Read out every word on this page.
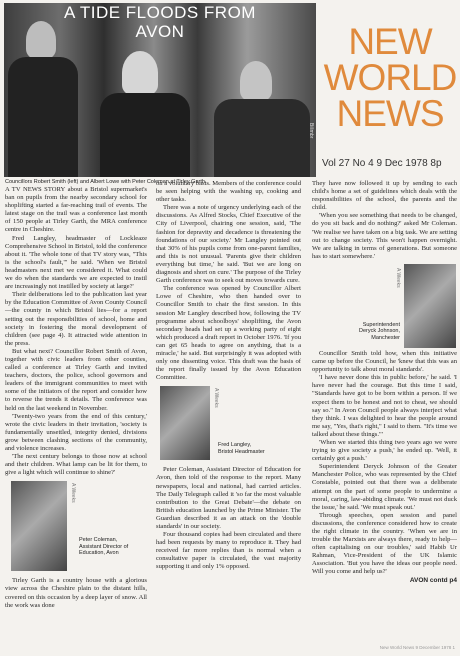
A TIDE FLOODS FROM
AVON
Bilimbr
Councillors Robert Smith (left) and Albert Lowe with Peter Coleman at Tirley Garth.
NEW
WORLD
NEWS
Vol 27 No 4 9 Dec 1978 8p

A TV NEWS STORY about a Bristol supermarket's ban on pupils from the nearby secondary school for shoplifting started a far-reaching trail of events. The latest stage on the trail was a conference last month of 150 people at Tirley Garth, the MRA conference centre in Cheshire.

Fred Langley, headmaster of Lockleaze Comprehensive School in Bristol, told the conference about it. 'The whole tone of that TV story was, "This is the school's fault,"' he said. 'When we Bristol headmasters next met we considered it. What could we do when the standards we are expected to instil are increasingly not instilled by society at large?'

Their deliberations led to the publication last year by the Education Committee of Avon County Council—the county in which Bristol lies—for a report setting out the responsibilities of school, home and society in fostering the moral development of children (see page 4). It attracted wide attention in the press.

But what next? Councillor Robert Smith of Avon, together with civic leaders from other counties, called a conference at Tirley Garth and invited teachers, doctors, the police, school governors and leaders of the immigrant communities to meet with some of the initiators of the report and consider how to reverse the trends it details. The conference was held on the last weekend in November.

'Twenty-two years from the end of this century,' wrote the civic leaders in their invitation, 'society is fundamentally unsettled, integrity denied, divisions grow between clashing sections of the community, and violence increases.

'The next century belongs to those now at school and their children. What lamp can be lit for them, to give a light which will continue to shine?'

A Weeks
Peter Coleman,
Assistant Director of
Education, Avon

Tirley Garth is a country house with a glorious view across the Cheshire plain to the distant hills, covered on this occasion by a deep layer of snow. All the work was done

on a voluntary basis. Members of the conference could be seen helping with the washing up, cooking and other tasks.

There was a note of urgency underlying each of the discussions. As Alfred Stocks, Chief Executive of the City of Liverpool, chairing one session, said, 'The fashion for depravity and decadence is threatening the foundations of our society.' Mr Langley pointed out that 30% of his pupils come from one-parent families, and this is not unusual. 'Parents give their children everything but time,' he said. 'But we are long on diagnosis and short on cure.' The purpose of the Tirley Garth conference was to seek out moves towards cure.

The conference was opened by Councillor Albert Lowe of Cheshire, who then handed over to Councillor Smith to chair the first session. In this session Mr Langley described how, following the TV programme about schoolboys' shoplifting, the Avon secondary heads had set up a working party of eight which produced a draft report in October 1976. 'If you can get 65 heads to agree on anything, that is a miracle,' he said. But surprisingly it was adopted with only one dissenting voice. This draft was the basis of the report finally issued by the Avon Education Committee.

A Weeks
Fred Langley,
Bristol Headmaster

Peter Coleman, Assistant Director of Education for Avon, then told of the response to the report. Many newspapers, local and national, had carried articles. The Daily Telegraph called it 'so far the most valuable contribution to the Great Debate'—the debate on British education launched by the Prime Minister. The Guardian described it as an attack on the 'double standards' in our society.

Four thousand copies had been circulated and there had been requests by many to reproduce it. They had received far more replies than is normal when a consultative paper is circulated, the vast majority supporting it and only 1% opposed.

They have now followed it up by sending to each child's home a set of guidelines which deals with the responsibilities of the school, the parents and the child.

'When you see something that needs to be changed, do you sit back and do nothing?' asked Mr Coleman. 'We realise we have taken on a big task. We are setting out to change society. This won't happen overnight. We are talking in terms of generations. But someone has to start somewhere.'

A Weeks
Superintendent
Deryck Johnson,
Manchester

Councillor Smith told how, when this initiative came up before the Council, he 'knew that this was an opportunity to talk about moral standards'.

'I have never done this in public before,' he said. 'I have never had the courage. But this time I said, "Standards have got to be born within a person. If we expect them to be honest and not to cheat, we should say so." In Avon Council people always interject what they think. I was delighted to hear the people around me say, "Yes, that's right," I said to them. "It's time we talked about these things."'

'When we started this thing two years ago we were trying to give society a push,' he ended up. 'Well, it certainly got a push.'

Superintendent Deryck Johnson of the Greater Manchester Police, who was represented by the Chief Constable, pointed out that there was a deliberate attempt on the part of some people to undermine a moral, caring, law-abiding climate. 'We must not duck the issue,' he said. 'We must speak out.'

Through speeches, open session and panel discussions, the conference considered how to create the right climate in the country. 'When we are in trouble the Marxists are always there, ready to help—often capitalising on our troubles,' said Habib Ur Rahman, Vice-President of the UK Islamic Association. 'But you have the ideas our people need. Will you come and help us?'

AVON contd p4
New World News 9 December 1978 1
